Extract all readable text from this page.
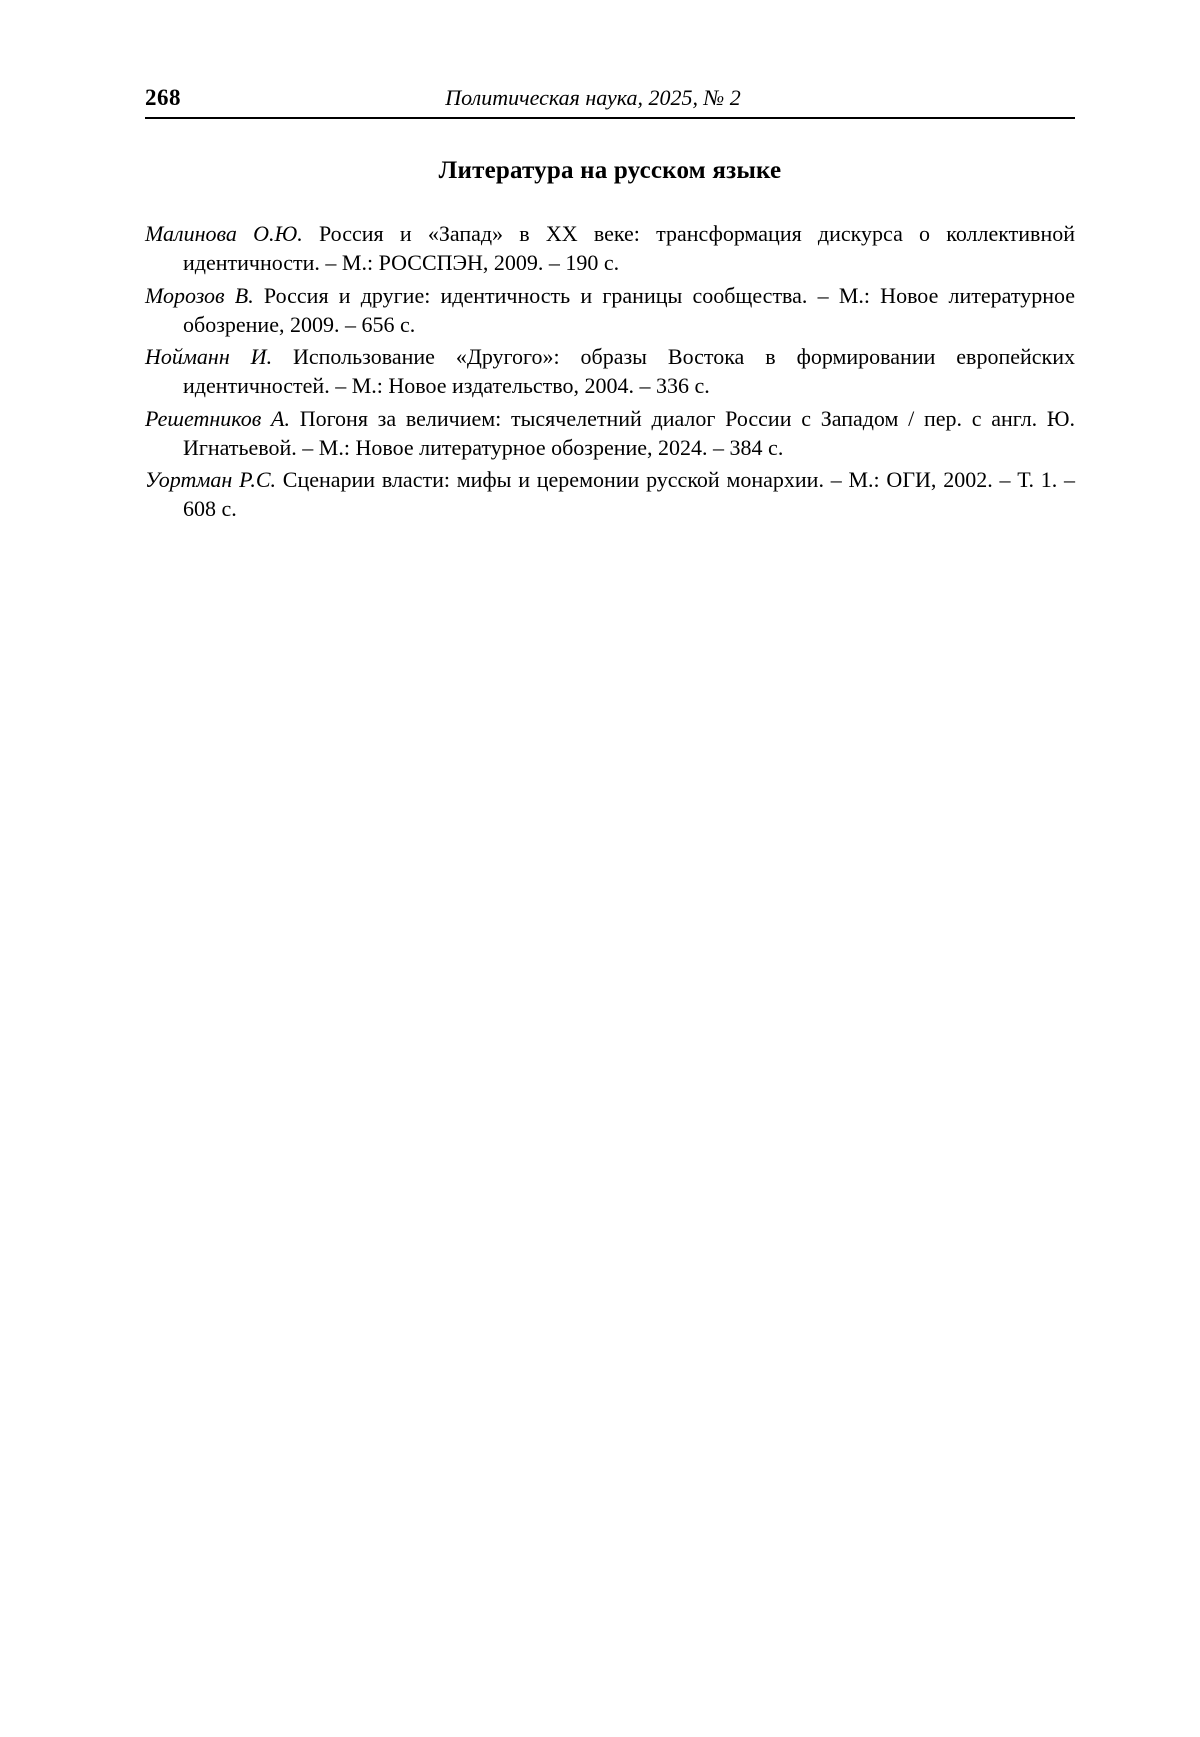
268	Политическая наука, 2025, № 2
Литература на русском языке
Малинова О.Ю. Россия и «Запад» в XX веке: трансформация дискурса о коллективной идентичности. – М.: РОССПЭН, 2009. – 190 с.
Морозов В. Россия и другие: идентичность и границы сообщества. – М.: Новое литературное обозрение, 2009. – 656 с.
Нойманн И. Использование «Другого»: образы Востока в формировании европейских идентичностей. – М.: Новое издательство, 2004. – 336 с.
Решетников А. Погоня за величием: тысячелетний диалог России с Западом / пер. с англ. Ю. Игнатьевой. – М.: Новое литературное обозрение, 2024. – 384 с.
Уортман Р.С. Сценарии власти: мифы и церемонии русской монархии. – М.: ОГИ, 2002. – Т. 1. – 608 с.
